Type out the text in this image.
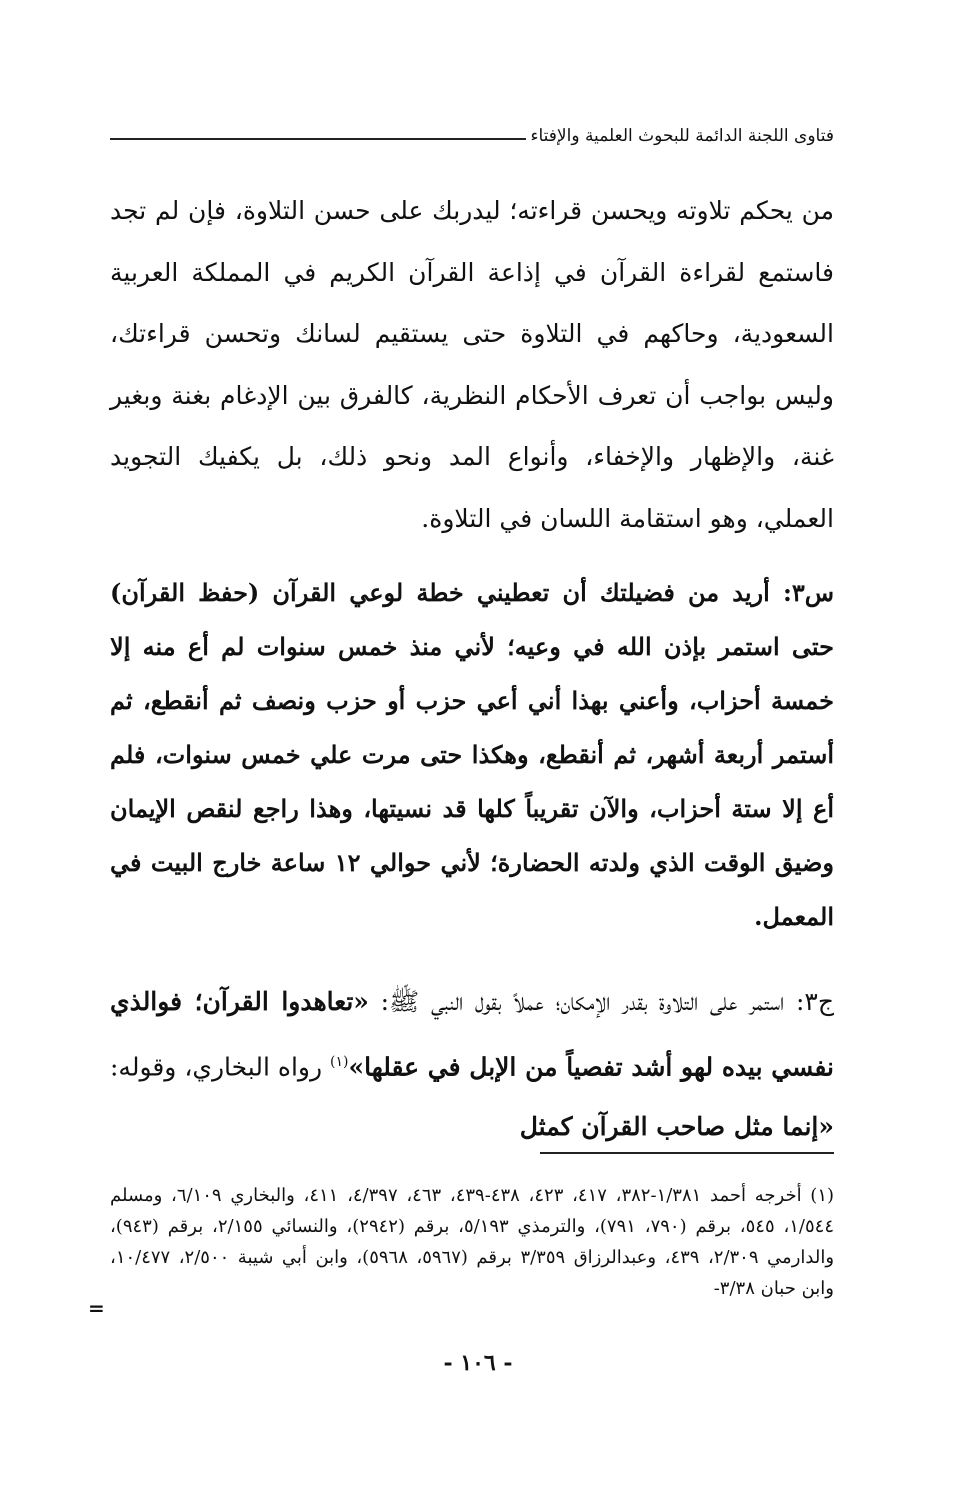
فتاوى اللجنة الدائمة للبحوث العلمية والإفتاء

من يحكم تلاوته ويحسن قراءته؛ ليدربك على حسن التلاوة، فإن لم تجد فاستمع لقراءة القرآن في إذاعة القرآن الكريم في المملكة العربية السعودية، وحاكهم في التلاوة حتى يستقيم لسانك وتحسن قراءتك، وليس بواجب أن تعرف الأحكام النظرية، كالفرق بين الإدغام بغنة وبغير غنة، والإظهار والإخفاء، وأنواع المد ونحو ذلك، بل يكفيك التجويد العملي، وهو استقامة اللسان في التلاوة.

س٣: أريد من فضيلتك أن تعطيني خطة لوعي القرآن (حفظ القرآن) حتى استمر بإذن الله في وعيه؛ لأني منذ خمس سنوات لم أع منه إلا خمسة أحزاب، وأعني بهذا أني أعي حزب أو حزب ونصف ثم أنقطع، ثم أستمر أربعة أشهر، ثم أنقطع، وهكذا حتى مرت علي خمس سنوات، فلم أع إلا ستة أحزاب، والآن تقريباً كلها قد نسيتها، وهذا راجع لنقص الإيمان وضيق الوقت الذي ولدته الحضارة؛ لأني حوالي ١٢ ساعة خارج البيت في المعمل.

ج٣: استمر على التلاوة بقدر الإمكان؛ عملاً بقول النبي ﷺ: «تعاهدوا القرآن؛ فوالذي نفسي بيده لهو أشد تفصياً من الإبل في عقلها»$^{(١)}$ رواه البخاري، وقوله: «إنما مثل صاحب القرآن كمثل

(١) أخرجه أحمد ١/٣٨١-٣٨٢، ٤١٧، ٤٢٣، ٤٣٨-٤٣٩، ٤٦٣، ٤/٣٩٧، ٤١١، والبخاري ٦/١٠٩، ومسلم ١/٥٤٤، ٥٤٥، برقم (٧٩٠، ٧٩١)، والترمذي ٥/١٩٣، برقم (٢٩٤٢)، والنسائي ٢/١٥٥، برقم (٩٤٣)، والدارمي ٢/٣٠٩، ٤٣٩، وعبدالرزاق ٣/٣٥٩ برقم (٥٩٦٧، ٥٩٦٨)، وابن أبي شيبة ٢/٥٠٠، ١٠/٤٧٧، وابن حبان ٣/٣٨-

=
- ١٠٦ -
